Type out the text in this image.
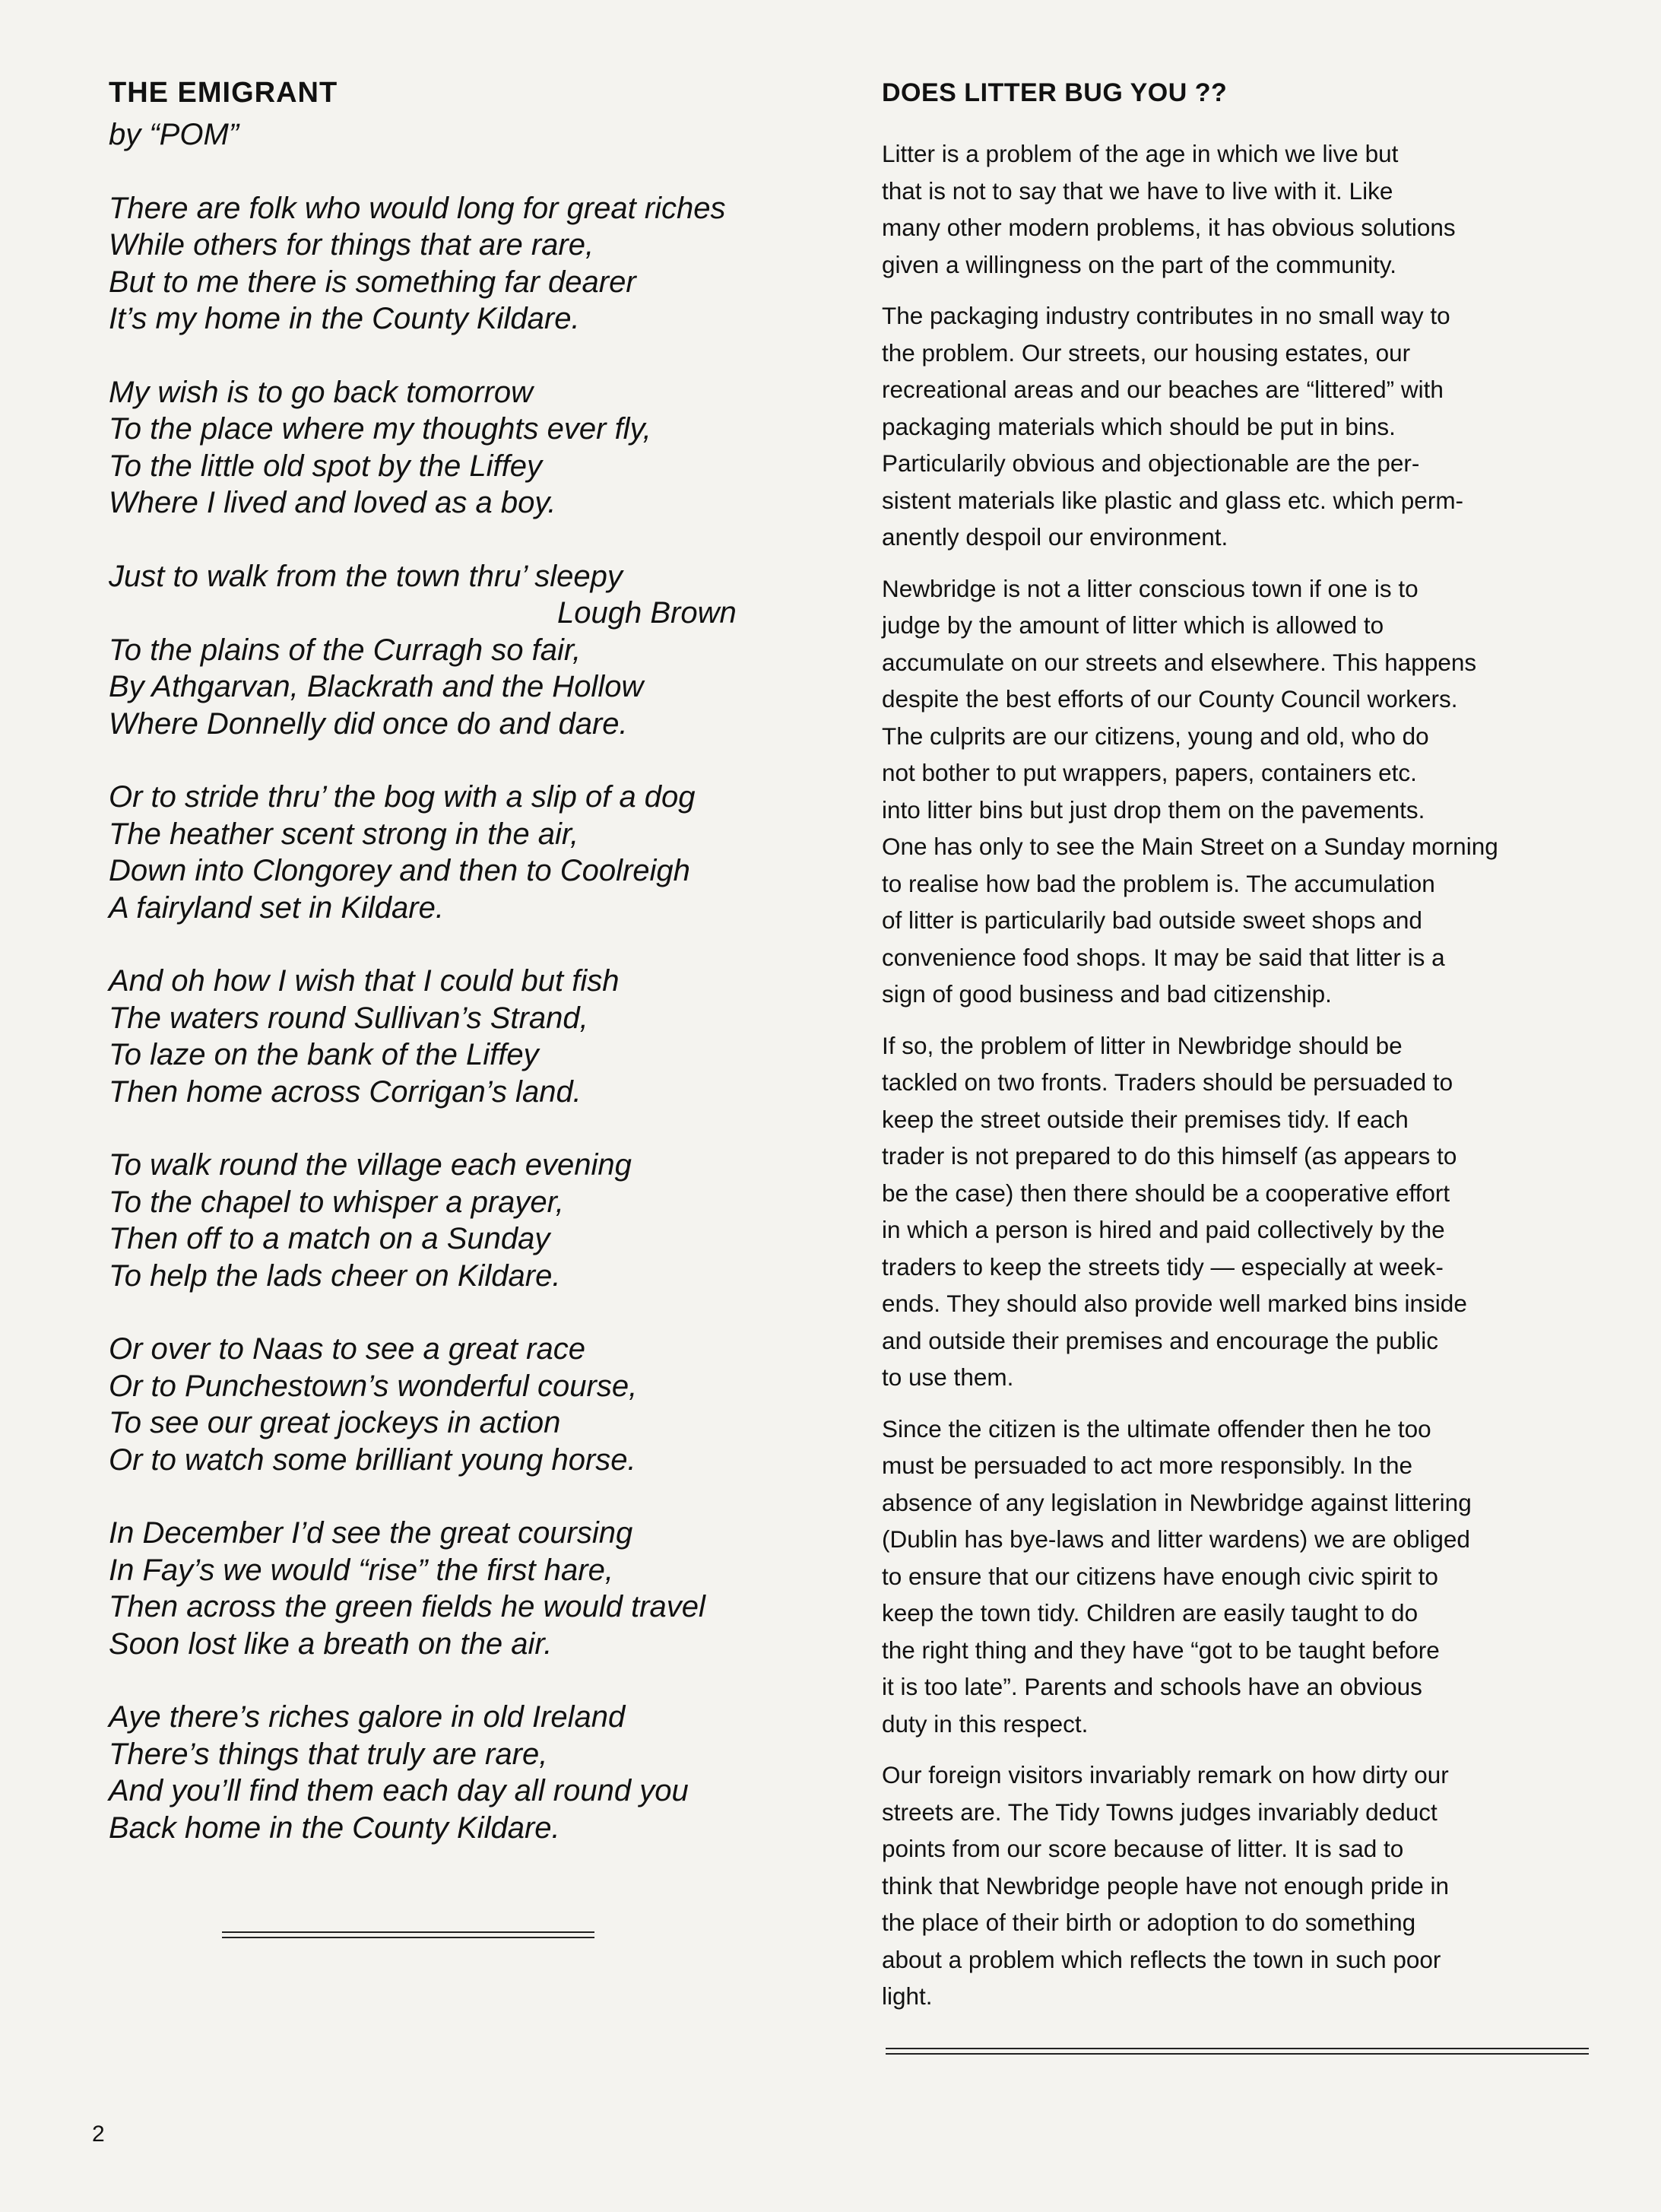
THE EMIGRANT
by “POM”
There are folk who would long for great riches
While others for things that are rare,
But to me there is something far dearer
It’s my home in the County Kildare.
My wish is to go back tomorrow
To the place where my thoughts ever fly,
To the little old spot by the Liffey
Where I lived and loved as a boy.
Just to walk from the town thru’ sleepy
Lough Brown
To the plains of the Curragh so fair,
By Athgarvan, Blackrath and the Hollow
Where Donnelly did once do and dare.
Or to stride thru’ the bog with a slip of a dog
The heather scent strong in the air,
Down into Clongorey and then to Coolreigh
A fairyland set in Kildare.
And oh how I wish that I could but fish
The waters round Sullivan’s Strand,
To laze on the bank of the Liffey
Then home across Corrigan’s land.
To walk round the village each evening
To the chapel to whisper a prayer,
Then off to a match on a Sunday
To help the lads cheer on Kildare.
Or over to Naas to see a great race
Or to Punchestown’s wonderful course,
To see our great jockeys in action
Or to watch some brilliant young horse.
In December I’d see the great coursing
In Fay’s we would “rise” the first hare,
Then across the green fields he would travel
Soon lost like a breath on the air.
Aye there’s riches galore in old Ireland
There’s things that truly are rare,
And you’ll find them each day all round you
Back home in the County Kildare.
DOES LITTER BUG YOU ??

Litter is a problem of the age in which we live but
that is not to say that we have to live with it. Like
many other modern problems, it has obvious solutions
given a willingness on the part of the community.

The packaging industry contributes in no small way to
the problem. Our streets, our housing estates, our
recreational areas and our beaches are “littered” with
packaging materials which should be put in bins.
Particularily obvious and objectionable are the per-
sistent materials like plastic and glass etc. which perm-
anently despoil our environment.

Newbridge is not a litter conscious town if one is to
judge by the amount of litter which is allowed to
accumulate on our streets and elsewhere. This happens
despite the best efforts of our County Council workers.
The culprits are our citizens, young and old, who do
not bother to put wrappers, papers, containers etc.
into litter bins but just drop them on the pavements.
One has only to see the Main Street on a Sunday morning
to realise how bad the problem is. The accumulation
of litter is particularily bad outside sweet shops and
convenience food shops. It may be said that litter is a
sign of good business and bad citizenship.

If so, the problem of litter in Newbridge should be
tackled on two fronts. Traders should be persuaded to
keep the street outside their premises tidy. If each
trader is not prepared to do this himself (as appears to
be the case) then there should be a cooperative effort
in which a person is hired and paid collectively by the
traders to keep the streets tidy — especially at week-
ends. They should also provide well marked bins inside
and outside their premises and encourage the public
to use them.

Since the citizen is the ultimate offender then he too
must be persuaded to act more responsibly. In the
absence of any legislation in Newbridge against littering
(Dublin has bye-laws and litter wardens) we are obliged
to ensure that our citizens have enough civic spirit to
keep the town tidy. Children are easily taught to do
the right thing and they have “got to be taught before
it is too late”. Parents and schools have an obvious
duty in this respect.

Our foreign visitors invariably remark on how dirty our
streets are. The Tidy Towns judges invariably deduct
points from our score because of litter. It is sad to
think that Newbridge people have not enough pride in
the place of their birth or adoption to do something
about a problem which reflects the town in such poor
light.

2
